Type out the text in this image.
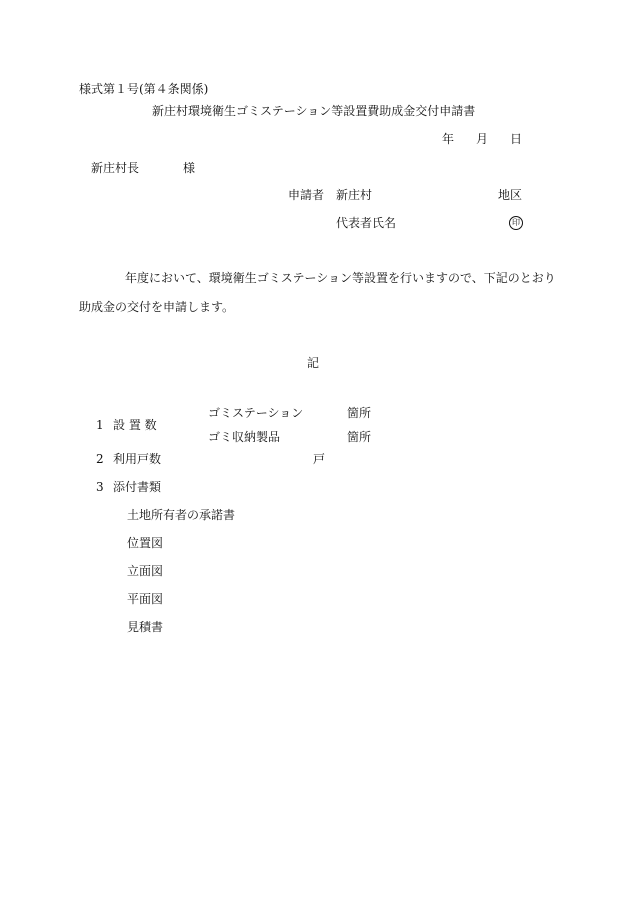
様式第１号(第４条関係)
新庄村環境衛生ゴミステーション等設置費助成金交付申請書
年 月 日
新庄村長	様
申請者 新庄村	地区
代表者氏名	印
年度において、環境衛生ゴミステーション等設置を行いますので、下記のとおり
助成金の交付を申請します。
記
1 設 置 数
ゴミステーション	箇所
ゴミ収納製品	箇所
2 利用戸数	戸
3 添付書類
土地所有者の承諾書
位置図
立面図
平面図
見積書
